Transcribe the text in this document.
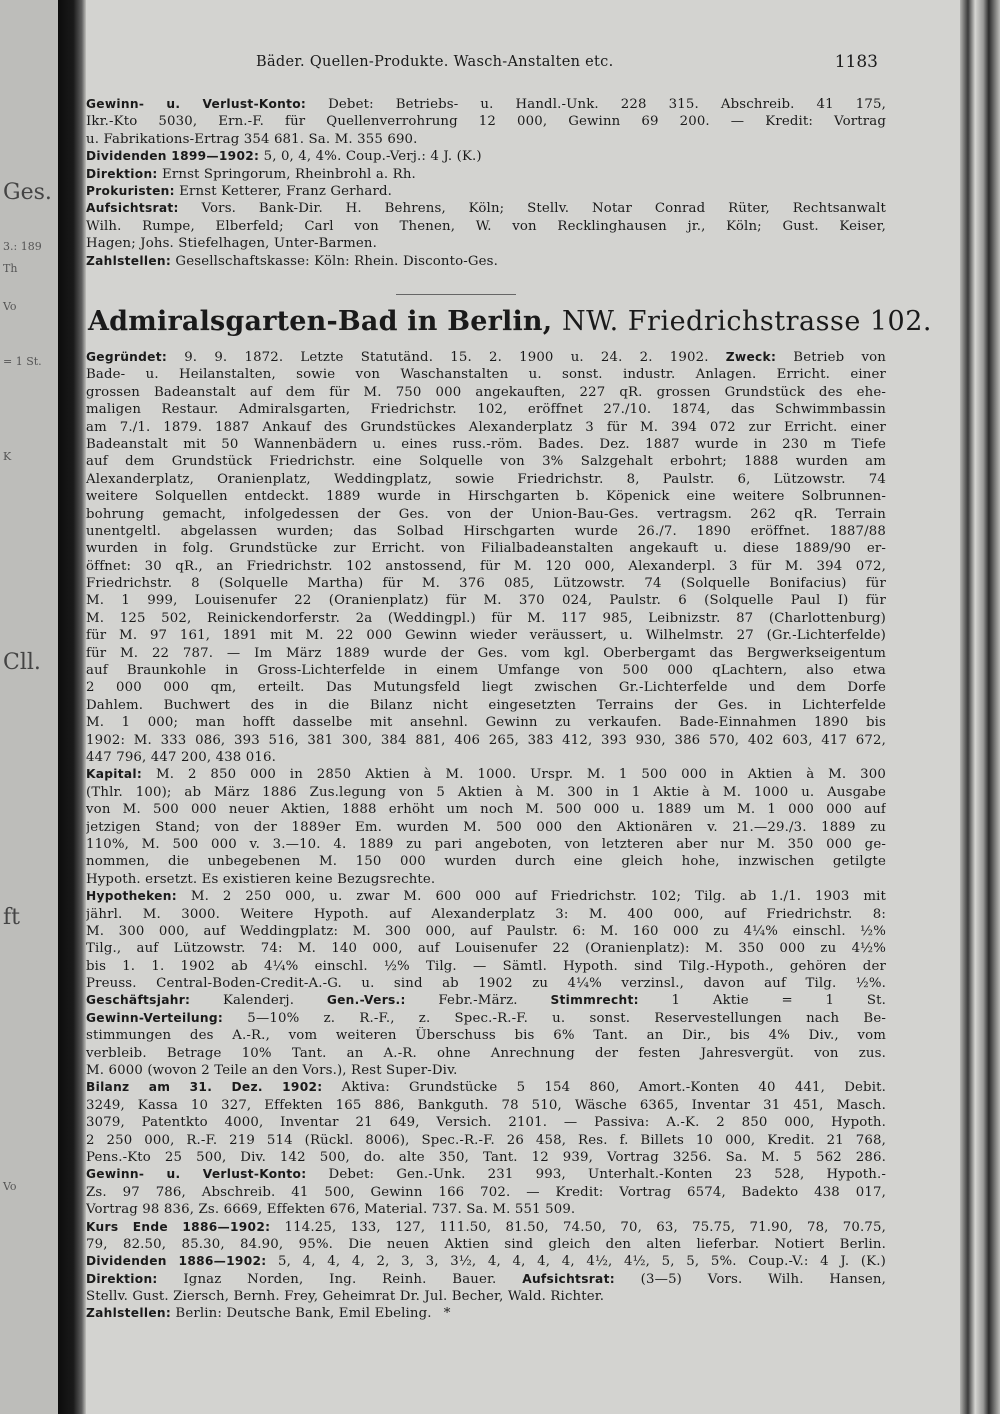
Ges.
3.: 189
Th
Vo
= 1 St.
K
Cll.
ft
Vo
Bäder. Quellen-Produkte. Wasch-Anstalten etc.	1183
Gewinn- u. Verlust-Konto: Debet: Betriebs- u. Handl.-Unk. 228 315. Abschreib. 41 175,
Ikr.-Kto 5030, Ern.-F. für Quellenverrohrung 12 000, Gewinn 69 200. — Kredit: Vortrag
u. Fabrikations-Ertrag 354 681. Sa. M. 355 690.
Dividenden 1899—1902: 5, 0, 4, 4%. Coup.-Verj.: 4 J. (K.)
Direktion: Ernst Springorum, Rheinbrohl a. Rh.
Prokuristen: Ernst Ketterer, Franz Gerhard.
Aufsichtsrat: Vors. Bank-Dir. H. Behrens, Köln; Stellv. Notar Conrad Rüter, Rechtsanwalt
Wilh. Rumpe, Elberfeld; Carl von Thenen, W. von Recklinghausen jr., Köln; Gust. Keiser,
Hagen; Johs. Stiefelhagen, Unter-Barmen.
Zahlstellen: Gesellschaftskasse: Köln: Rhein. Disconto-Ges.
Admiralsgarten-Bad in Berlin, NW. Friedrichstrasse 102.
Gegründet: 9. 9. 1872. Letzte Statutänd. 15. 2. 1900 u. 24. 2. 1902. Zweck: Betrieb von
Bade- u. Heilanstalten, sowie von Waschanstalten u. sonst. industr. Anlagen. Erricht. einer
grossen Badeanstalt auf dem für M. 750 000 angekauften, 227 qR. grossen Grundstück des ehe-
maligen Restaur. Admiralsgarten, Friedrichstr. 102, eröffnet 27./10. 1874, das Schwimmbassin
am 7./1. 1879. 1887 Ankauf des Grundstückes Alexanderplatz 3 für M. 394 072 zur Erricht. einer
Badeanstalt mit 50 Wannenbädern u. eines russ.-röm. Bades. Dez. 1887 wurde in 230 m Tiefe
auf dem Grundstück Friedrichstr. eine Solquelle von 3% Salzgehalt erbohrt; 1888 wurden am
Alexanderplatz, Oranienplatz, Weddingplatz, sowie Friedrichstr. 8, Paulstr. 6, Lützowstr. 74
weitere Solquellen entdeckt. 1889 wurde in Hirschgarten b. Köpenick eine weitere Solbrunnen-
bohrung gemacht, infolgedessen der Ges. von der Union-Bau-Ges. vertragsm. 262 qR. Terrain
unentgeltl. abgelassen wurden; das Solbad Hirschgarten wurde 26./7. 1890 eröffnet. 1887/88
wurden in folg. Grundstücke zur Erricht. von Filialbadeanstalten angekauft u. diese 1889/90 er-
öffnet: 30 qR., an Friedrichstr. 102 anstossend, für M. 120 000, Alexanderpl. 3 für M. 394 072,
Friedrichstr. 8 (Solquelle Martha) für M. 376 085, Lützowstr. 74 (Solquelle Bonifacius) für
M. 1 999, Louisenufer 22 (Oranienplatz) für M. 370 024, Paulstr. 6 (Solquelle Paul I) für
M. 125 502, Reinickendorferstr. 2a (Weddingpl.) für M. 117 985, Leibnizstr. 87 (Charlottenburg)
für M. 97 161, 1891 mit M. 22 000 Gewinn wieder veräussert, u. Wilhelmstr. 27 (Gr.-Lichterfelde)
für M. 22 787. — Im März 1889 wurde der Ges. vom kgl. Oberbergamt das Bergwerkseigentum
auf Braunkohle in Gross-Lichterfelde in einem Umfange von 500 000 qLachtern, also etwa
2 000 000 qm, erteilt. Das Mutungsfeld liegt zwischen Gr.-Lichterfelde und dem Dorfe
Dahlem. Buchwert des in die Bilanz nicht eingesetzten Terrains der Ges. in Lichterfelde
M. 1 000; man hofft dasselbe mit ansehnl. Gewinn zu verkaufen. Bade-Einnahmen 1890 bis
1902: M. 333 086, 393 516, 381 300, 384 881, 406 265, 383 412, 393 930, 386 570, 402 603, 417 672,
447 796, 447 200, 438 016.
Kapital: M. 2 850 000 in 2850 Aktien à M. 1000. Urspr. M. 1 500 000 in Aktien à M. 300
(Thlr. 100); ab März 1886 Zus.legung von 5 Aktien à M. 300 in 1 Aktie à M. 1000 u. Ausgabe
von M. 500 000 neuer Aktien, 1888 erhöht um noch M. 500 000 u. 1889 um M. 1 000 000 auf
jetzigen Stand; von der 1889er Em. wurden M. 500 000 den Aktionären v. 21.—29./3. 1889 zu
110%, M. 500 000 v. 3.—10. 4. 1889 zu pari angeboten, von letzteren aber nur M. 350 000 ge-
nommen, die unbegebenen M. 150 000 wurden durch eine gleich hohe, inzwischen getilgte
Hypoth. ersetzt. Es existieren keine Bezugsrechte.
Hypotheken: M. 2 250 000, u. zwar M. 600 000 auf Friedrichstr. 102; Tilg. ab 1./1. 1903 mit
jährl. M. 3000. Weitere Hypoth. auf Alexanderplatz 3: M. 400 000, auf Friedrichstr. 8:
M. 300 000, auf Weddingplatz: M. 300 000, auf Paulstr. 6: M. 160 000 zu 4¼% einschl. ½%
Tilg., auf Lützowstr. 74: M. 140 000, auf Louisenufer 22 (Oranienplatz): M. 350 000 zu 4½%
bis 1. 1. 1902 ab 4¼% einschl. ½% Tilg. — Sämtl. Hypoth. sind Tilg.-Hypoth., gehören der
Preuss. Central-Boden-Credit-A.-G. u. sind ab 1902 zu 4¼% verzinsl., davon auf Tilg. ½%.
Geschäftsjahr: Kalenderj. Gen.-Vers.: Febr.-März. Stimmrecht: 1 Aktie = 1 St.
Gewinn-Verteilung: 5—10% z. R.-F., z. Spec.-R.-F. u. sonst. Reservestellungen nach Be-
stimmungen des A.-R., vom weiteren Überschuss bis 6% Tant. an Dir., bis 4% Div., vom
verbleib. Betrage 10% Tant. an A.-R. ohne Anrechnung der festen Jahresvergüt. von zus.
M. 6000 (wovon 2 Teile an den Vors.), Rest Super-Div.
Bilanz am 31. Dez. 1902: Aktiva: Grundstücke 5 154 860, Amort.-Konten 40 441, Debit.
3249, Kassa 10 327, Effekten 165 886, Bankguth. 78 510, Wäsche 6365, Inventar 31 451, Masch.
3079, Patentkto 4000, Inventar 21 649, Versich. 2101. — Passiva: A.-K. 2 850 000, Hypoth.
2 250 000, R.-F. 219 514 (Rückl. 8006), Spec.-R.-F. 26 458, Res. f. Billets 10 000, Kredit. 21 768,
Pens.-Kto 25 500, Div. 142 500, do. alte 350, Tant. 12 939, Vortrag 3256. Sa. M. 5 562 286.
Gewinn- u. Verlust-Konto: Debet: Gen.-Unk. 231 993, Unterhalt.-Konten 23 528, Hypoth.-
Zs. 97 786, Abschreib. 41 500, Gewinn 166 702. — Kredit: Vortrag 6574, Badekto 438 017,
Vortrag 98 836, Zs. 6669, Effekten 676, Material. 737. Sa. M. 551 509.
Kurs Ende 1886—1902: 114.25, 133, 127, 111.50, 81.50, 74.50, 70, 63, 75.75, 71.90, 78, 70.75,
79, 82.50, 85.30, 84.90, 95%. Die neuen Aktien sind gleich den alten lieferbar. Notiert Berlin.
Dividenden 1886—1902: 5, 4, 4, 4, 2, 3, 3, 3½, 4, 4, 4, 4, 4½, 4½, 5, 5, 5%. Coup.-V.: 4 J. (K.)
Direktion: Ignaz Norden, Ing. Reinh. Bauer. Aufsichtsrat: (3—5) Vors. Wilh. Hansen,
Stellv. Gust. Ziersch, Bernh. Frey, Geheimrat Dr. Jul. Becher, Wald. Richter.
Zahlstellen: Berlin: Deutsche Bank, Emil Ebeling. *
